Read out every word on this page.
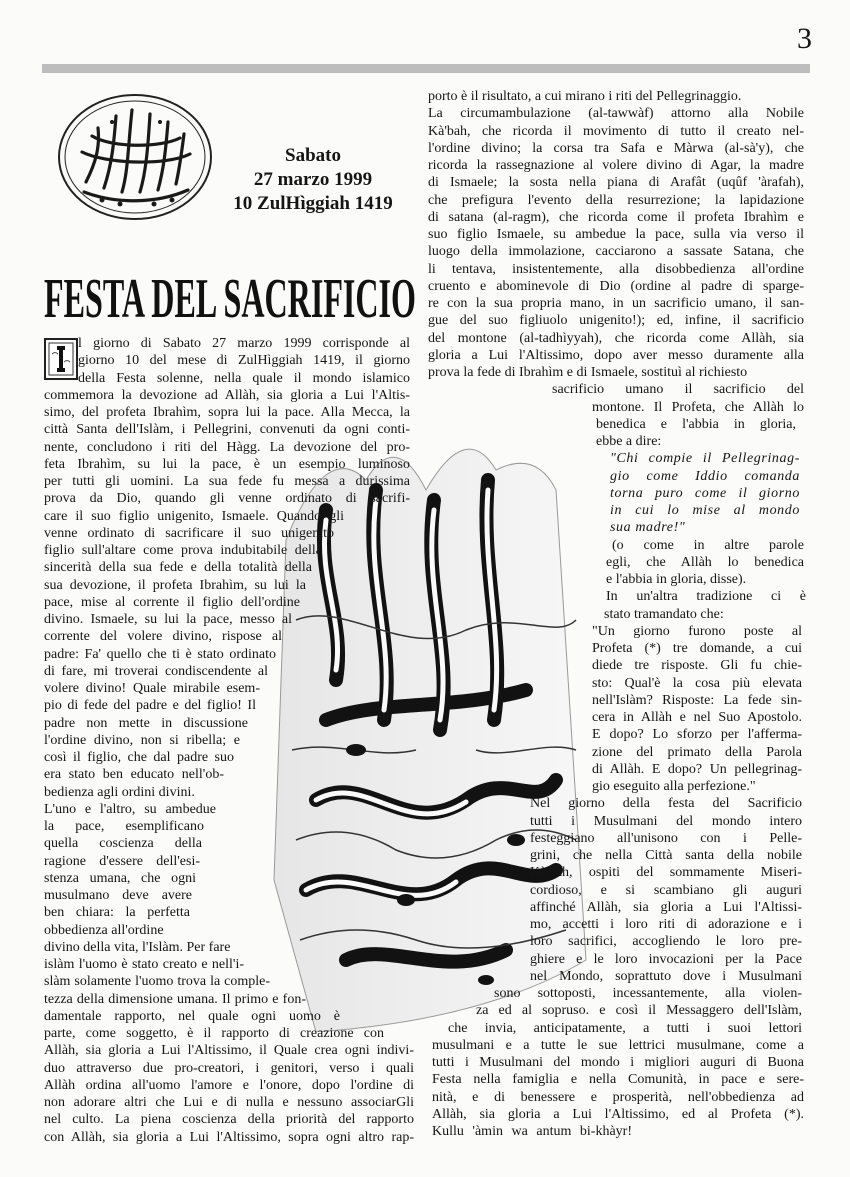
3
Sabato
27 marzo 1999
10 ZulHìggiah 1419
FESTA DEL SACRIFICIO
l giorno di Sabato 27 marzo 1999 corrisponde al
giorno 10 del mese di ZulHìggiah 1419, il giorno
della Festa solenne, nella quale il mondo islamico
commemora la devozione ad Allàh, sia gloria a Lui l'Altis-
simo, del profeta Ibrahìm, sopra lui la pace. Alla Mecca, la
città Santa dell'Islàm, i Pellegrini, convenuti da ogni conti-
nente, concludono i riti del Hàgg. La devozione del pro-
feta Ibrahìm, su lui la pace, è un esempio luminoso
per tutti gli uomini. La sua fede fu messa a durissima
prova da Dio, quando gli venne ordinato di sacrifi-
care il suo figlio unigenito, Ismaele. Quando gli
venne ordinato di sacrificare il suo unigenito
figlio sull'altare come prova indubitabile della
sincerità della sua fede e della totalità della
sua devozione, il profeta Ibrahìm, su lui la
pace, mise al corrente il figlio dell'ordine
divino. Ismaele, su lui la pace, messo al
corrente del volere divino, rispose al
padre: Fa' quello che ti è stato ordinato
di fare, mi troverai condiscendente al
volere divino! Quale mirabile esem-
pio di fede del padre e del figlio! Il
padre non mette in discussione
l'ordine divino, non si ribella; e
così il figlio, che dal padre suo
era stato ben educato nell'ob-
bedienza agli ordini divini.
L'uno e l'altro, su ambedue
la pace, esemplificano
quella coscienza della
ragione d'essere dell'esi-
stenza umana, che ogni
musulmano deve avere
ben chiara: la perfetta
obbedienza all'ordine
divino della vita, l'Islàm. Per fare
islàm l'uomo è stato creato e nell'i-
slàm solamente l'uomo trova la comple-
tezza della dimensione umana. Il primo e fon-
damentale rapporto, nel quale ogni uomo è
parte, come soggetto, è il rapporto di creazione con
Allàh, sia gloria a Lui l'Altissimo, il Quale crea ogni indivi-
duo attraverso due pro-creatori, i genitori, verso i quali
Allàh ordina all'uomo l'amore e l'onore, dopo l'ordine di
non adorare altri che Lui e di nulla e nessuno associarGli
nel culto. La piena coscienza della priorità del rapporto
con Allàh, sia gloria a Lui l'Altissimo, sopra ogni altro rap-
porto è il risultato, a cui mirano i riti del Pellegrinaggio.
La circumambulazione (al-tawwàf) attorno alla Nobile
Kà'bah, che ricorda il movimento di tutto il creato nel-
l'ordine divino; la corsa tra Safa e Màrwa (al-sà'y), che
ricorda la rassegnazione al volere divino di Agar, la madre
di Ismaele; la sosta nella piana di Arafât (uqûf 'àrafah),
che prefigura l'evento della resurrezione; la lapidazione
di satana (al-ragm), che ricorda come il profeta Ibrahìm e
suo figlio Ismaele, su ambedue la pace, sulla via verso il
luogo della immolazione, cacciarono a sassate Satana, che
li tentava, insistentemente, alla disobbedienza all'ordine
cruento e abominevole di Dio (ordine al padre di sparge-
re con la sua propria mano, in un sacrificio umano, il san-
gue del suo figliuolo unigenito!); ed, infine, il sacrificio
del montone (al-tadhìyyah), che ricorda come Allàh, sia
gloria a Lui l'Altissimo, dopo aver messo duramente alla
prova la fede di Ibrahìm e di Ismaele, sostituì al richiesto
sacrificio umano il sacrificio del
montone. Il Profeta, che Allàh lo
benedica e l'abbia in gloria,
ebbe a dire:
"Chi compie il Pellegrinag-
gio come Iddio comanda
torna puro come il giorno
in cui lo mise al mondo
sua madre!"
(o come in altre parole
egli, che Allàh lo benedica
e l'abbia in gloria, disse).
In un'altra tradizione ci è
stato tramandato che:
"Un giorno furono poste al
Profeta (*) tre domande, a cui
diede tre risposte. Gli fu chie-
sto: Qual'è la cosa più elevata
nell'Islàm? Risposte: La fede sin-
cera in Allàh e nel Suo Apostolo.
E dopo? Lo sforzo per l'afferma-
zione del primato della Parola
di Allàh. E dopo? Un pellegrinag-
gio eseguito alla perfezione."
Nel giorno della festa del Sacrificio
tutti i Musulmani del mondo intero
festeggiano all'unisono con i Pelle-
grini, che nella Città santa della nobile
Kà'bah, ospiti del sommamente Miseri-
cordioso, e si scambiano gli auguri
affinché Allàh, sia gloria a Lui l'Altissi-
mo, accetti i loro riti di adorazione e i
loro sacrifici, accogliendo le loro pre-
ghiere e le loro invocazioni per la Pace
nel Mondo, soprattuto dove i Musulmani
sono sottoposti, incessantemente, alla violen-
za ed al sopruso. e così il Messaggero dell'Islàm,
che invia, anticipatamente, a tutti i suoi lettori
musulmani e a tutte le sue lettrici musulmane, come a
tutti i Musulmani del mondo i migliori auguri di Buona
Festa nella famiglia e nella Comunità, in pace e sere-
nità, e di benessere e prosperità, nell'obbedienza ad
Allàh, sia gloria a Lui l'Altissimo, ed al Profeta (*).
Kullu 'àmin wa antum bi-khàyr!
